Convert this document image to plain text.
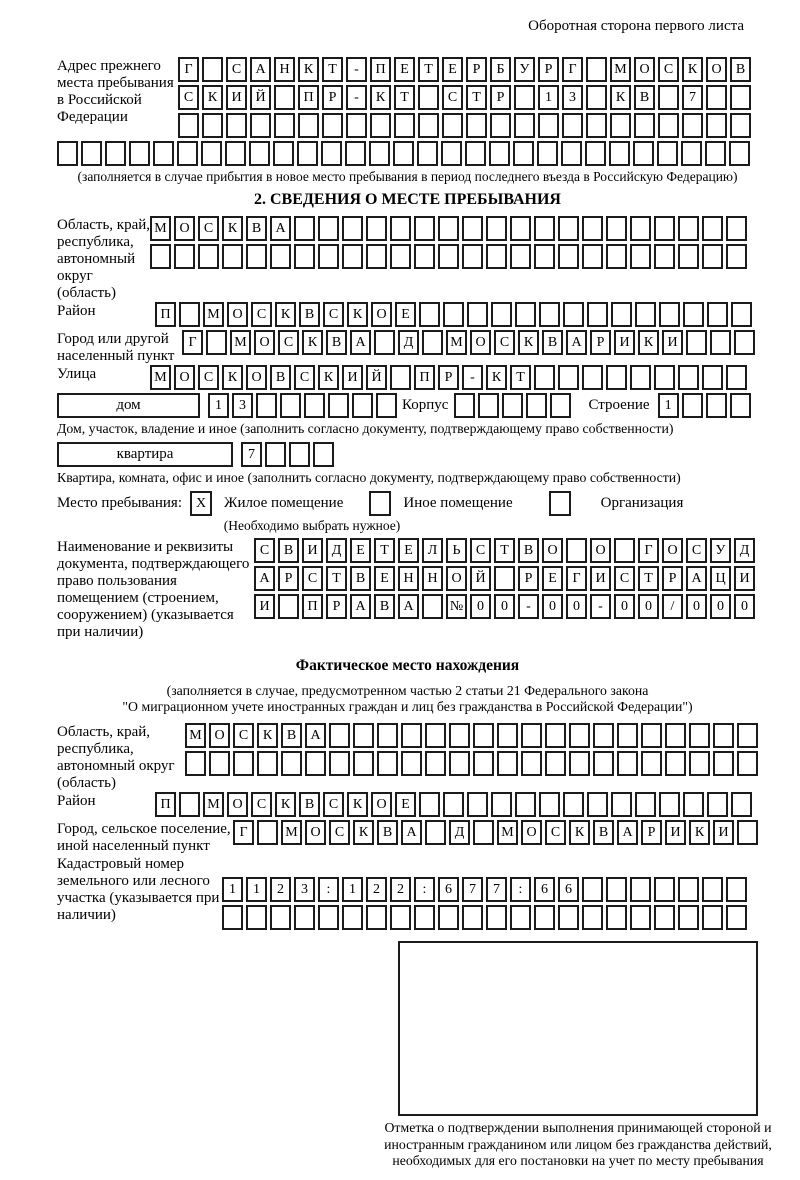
Оборотная сторона первого листа
Адрес прежнего места пребывания в Российской Федерации
Г	С	А Н	К	Т	-	П	Е	Т	Е	Р	Б	У	Р	Г	М О	С	К	О	В
С	К	И Й	П	Р	-	К	Т	С	Т	Р	1	3	К	В	7
(заполняется в случае прибытия в новое место пребывания в период последнего въезда в Российскую Федерацию)
2. СВЕДЕНИЯ О МЕСТЕ ПРЕБЫВАНИЯ
Область, край, республика, автономный округ (область)
М О	С	К	В	А
Район	П	М О	С	К	В	С	К	О	Е
Город или другой населенный пункт
Г	М О	С	К	В	А	Д	М О	С	К	В	А	Р	И	К	И
Улица	М О	С	К	О	В	С	К	И Й	П	Р	-	К	Т
дом	1	3	Корпус	Строение	1
Дом, участок, владение и иное (заполнить согласно документу, подтверждающему право собственности)
квартира	7
Квартира, комната, офис и иное (заполнить согласно документу, подтверждающему право собственности)
Место пребывания: X	Жилое помещение	Иное помещение	Организация
(Необходимо выбрать нужное)
Наименование и реквизиты документа, подтверждающего право пользования помещением (строением, сооружением) (указывается при наличии)
С	В	И	Д	Е	Т	Е	Л	Ь	С	Т	В	О	О	Г	О	С	У	Д
А	Р	С	Т	В	Е	Н Н О Й	Р	Е	Г	И	С	Т	Р	А Ц И
И	П	Р	А	В	А	№ 0	0	-	0	0	-	0	0	/	0	0	0
Фактическое место нахождения
(заполняется в случае, предусмотренном частью 2 статьи 21 Федерального закона
"О миграционном учете иностранных граждан и лиц без гражданства в Российской Федерации")
Область, край, республика, автономный округ (область)
М О	С	К	В	А
Район	П	М О	С	К	В	С	К	О	Е
Город, сельское поселение, иной населенный пункт
Г	М О	С	К	В	А	Д	М О	С	К	В	А	Р	И	К	И
Кадастровый номер земельного или лесного участка (указывается при наличии)
1	1	2	3	:	1	2	2	:	6	7	7	:	6	6
Отметка о подтверждении выполнения принимающей стороной и иностранным гражданином или лицом без гражданства действий, необходимых для его постановки на учет по месту пребывания
